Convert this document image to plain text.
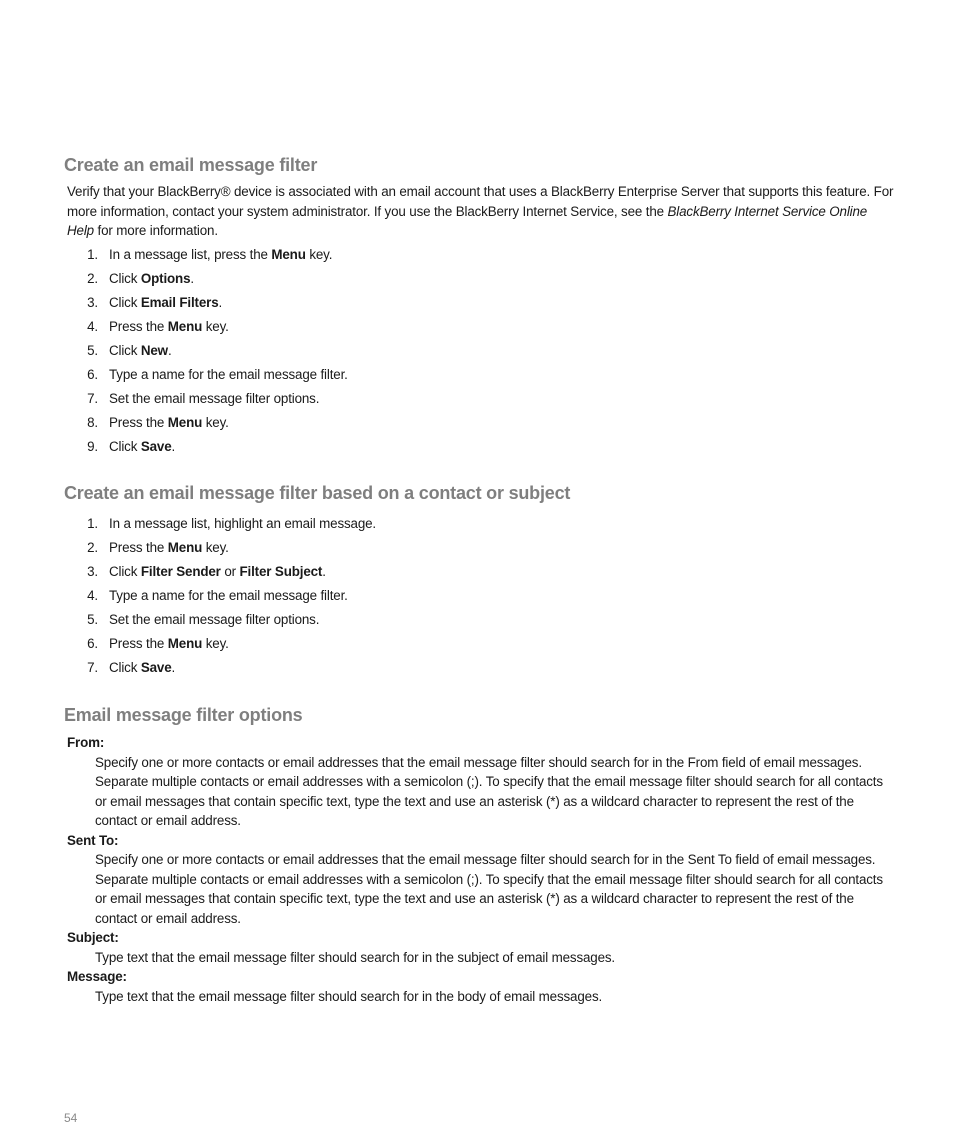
Create an email message filter
Verify that your BlackBerry® device is associated with an email account that uses a BlackBerry Enterprise Server that supports this feature. For more information, contact your system administrator. If you use the BlackBerry Internet Service, see the BlackBerry Internet Service Online Help for more information.
1. In a message list, press the Menu key.
2. Click Options.
3. Click Email Filters.
4. Press the Menu key.
5. Click New.
6. Type a name for the email message filter.
7. Set the email message filter options.
8. Press the Menu key.
9. Click Save.
Create an email message filter based on a contact or subject
1. In a message list, highlight an email message.
2. Press the Menu key.
3. Click Filter Sender or Filter Subject.
4. Type a name for the email message filter.
5. Set the email message filter options.
6. Press the Menu key.
7. Click Save.
Email message filter options
From:
Specify one or more contacts or email addresses that the email message filter should search for in the From field of email messages. Separate multiple contacts or email addresses with a semicolon (;). To specify that the email message filter should search for all contacts or email messages that contain specific text, type the text and use an asterisk (*) as a wildcard character to represent the rest of the contact or email address.
Sent To:
Specify one or more contacts or email addresses that the email message filter should search for in the Sent To field of email messages. Separate multiple contacts or email addresses with a semicolon (;). To specify that the email message filter should search for all contacts or email messages that contain specific text, type the text and use an asterisk (*) as a wildcard character to represent the rest of the contact or email address.
Subject:
Type text that the email message filter should search for in the subject of email messages.
Message:
Type text that the email message filter should search for in the body of email messages.
54
